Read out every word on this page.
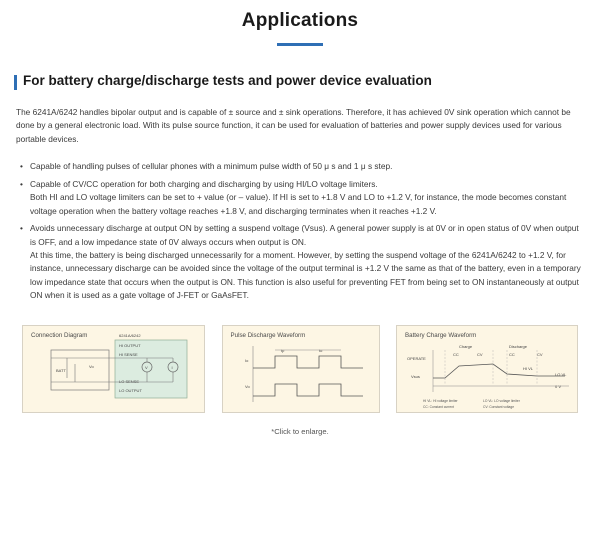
Applications
For battery charge/discharge tests and power device evaluation

The 6241A/6242 handles bipolar output and is capable of ± source and ± sink operations. Therefore, it has achieved 0V sink operation which cannot be done by a general electronic load. With its pulse source function, it can be used for evaluation of batteries and power supply devices used for various portable devices.

• Capable of handling pulses of cellular phones with a minimum pulse width of 50 μ s and 1 μ s step.
• Capable of CV/CC operation for both charging and discharging by using HI/LO voltage limiters.
Both HI and LO voltage limiters can be set to + value (or – value). If HI is set to +1.8 V and LO to +1.2 V, for instance, the mode becomes constant voltage operation when the battery voltage reaches +1.8 V, and discharging terminates when it reaches +1.2 V.
• Avoids unnecessary discharge at output ON by setting a suspend voltage (Vsus). A general power supply is at 0V or in open status of 0V when output is OFF, and a low impedance state of 0V always occurs when output is ON.
At this time, the battery is being discharged unnecessarily for a moment. However, by setting the suspend voltage of the 6241A/6242 to +1.2 V, for instance, unnecessary discharge can be avoided since the voltage of the output terminal is +1.2 V the same as that of the battery, even in a temporary low impedance state that occurs when the output is ON. This function is also useful for preventing FET from being set to ON instantaneously at output ON when it is used as a gate voltage of J-FET or GaAsFET.
Connection Diagram	6241A/6242
HI OUTPUT
HI SENSE
LO SENSE
LO OUTPUT
BATT
Vo	V	I
Pulse Discharge Waveform
tp	to
Io
Vo
Battery Charge Waveform
OPERATE
Charge	Discharge
CC	CV	CC	CV
Vsus
HI VL
LO VL
0 V
HI VL: HI voltage limiter	LO VL: LO voltage limiter
CC: Constant current	CV: Constant voltage
*Click to enlarge.
